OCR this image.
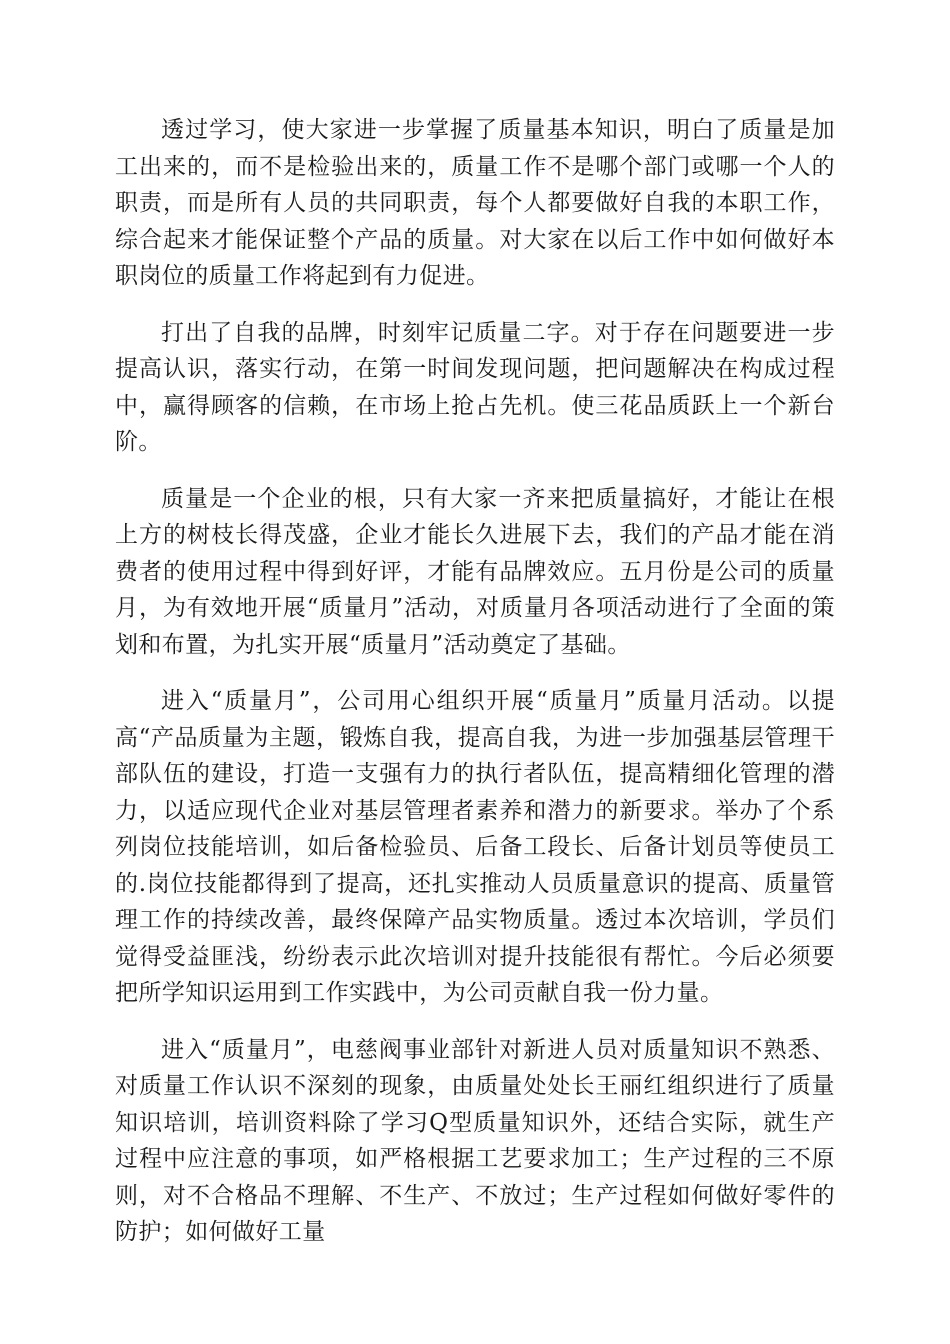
透过学习，使大家进一步掌握了质量基本知识，明白了质量是加工出来的，而不是检验出来的，质量工作不是哪个部门或哪一个人的职责，而是所有人员的共同职责，每个人都要做好自我的本职工作，综合起来才能保证整个产品的质量。对大家在以后工作中如何做好本职岗位的质量工作将起到有力促进。

打出了自我的品牌，时刻牢记质量二字。对于存在问题要进一步提高认识，落实行动，在第一时间发现问题，把问题解决在构成过程中，赢得顾客的信赖，在市场上抢占先机。使三花品质跃上一个新台阶。

质量是一个企业的根，只有大家一齐来把质量搞好，才能让在根上方的树枝长得茂盛，企业才能长久进展下去，我们的产品才能在消费者的使用过程中得到好评，才能有品牌效应。五月份是公司的质量月，为有效地开展“质量月”活动，对质量月各项活动进行了全面的策划和布置，为扎实开展“质量月”活动奠定了基础。

进入“质量月”，公司用心组织开展“质量月”质量月活动。以提高“产品质量为主题，锻炼自我，提高自我，为进一步加强基层管理干部队伍的建设，打造一支强有力的执行者队伍，提高精细化管理的潜力，以适应现代企业对基层管理者素养和潜力的新要求。举办了个系列岗位技能培训，如后备检验员、后备工段长、后备计划员等使员工的.岗位技能都得到了提高，还扎实推动人员质量意识的提高、质量管理工作的持续改善，最终保障产品实物质量。透过本次培训，学员们觉得受益匪浅，纷纷表示此次培训对提升技能很有帮忙。今后必须要把所学知识运用到工作实践中，为公司贡献自我一份力量。

进入“质量月”，电慈阀事业部针对新进人员对质量知识不熟悉、对质量工作认识不深刻的现象，由质量处处长王丽红组织进行了质量知识培训，培训资料除了学习Q型质量知识外，还结合实际，就生产过程中应注意的事项，如严格根据工艺要求加工；生产过程的三不原则，对不合格品不理解、不生产、不放过；生产过程如何做好零件的防护；如何做好工量
